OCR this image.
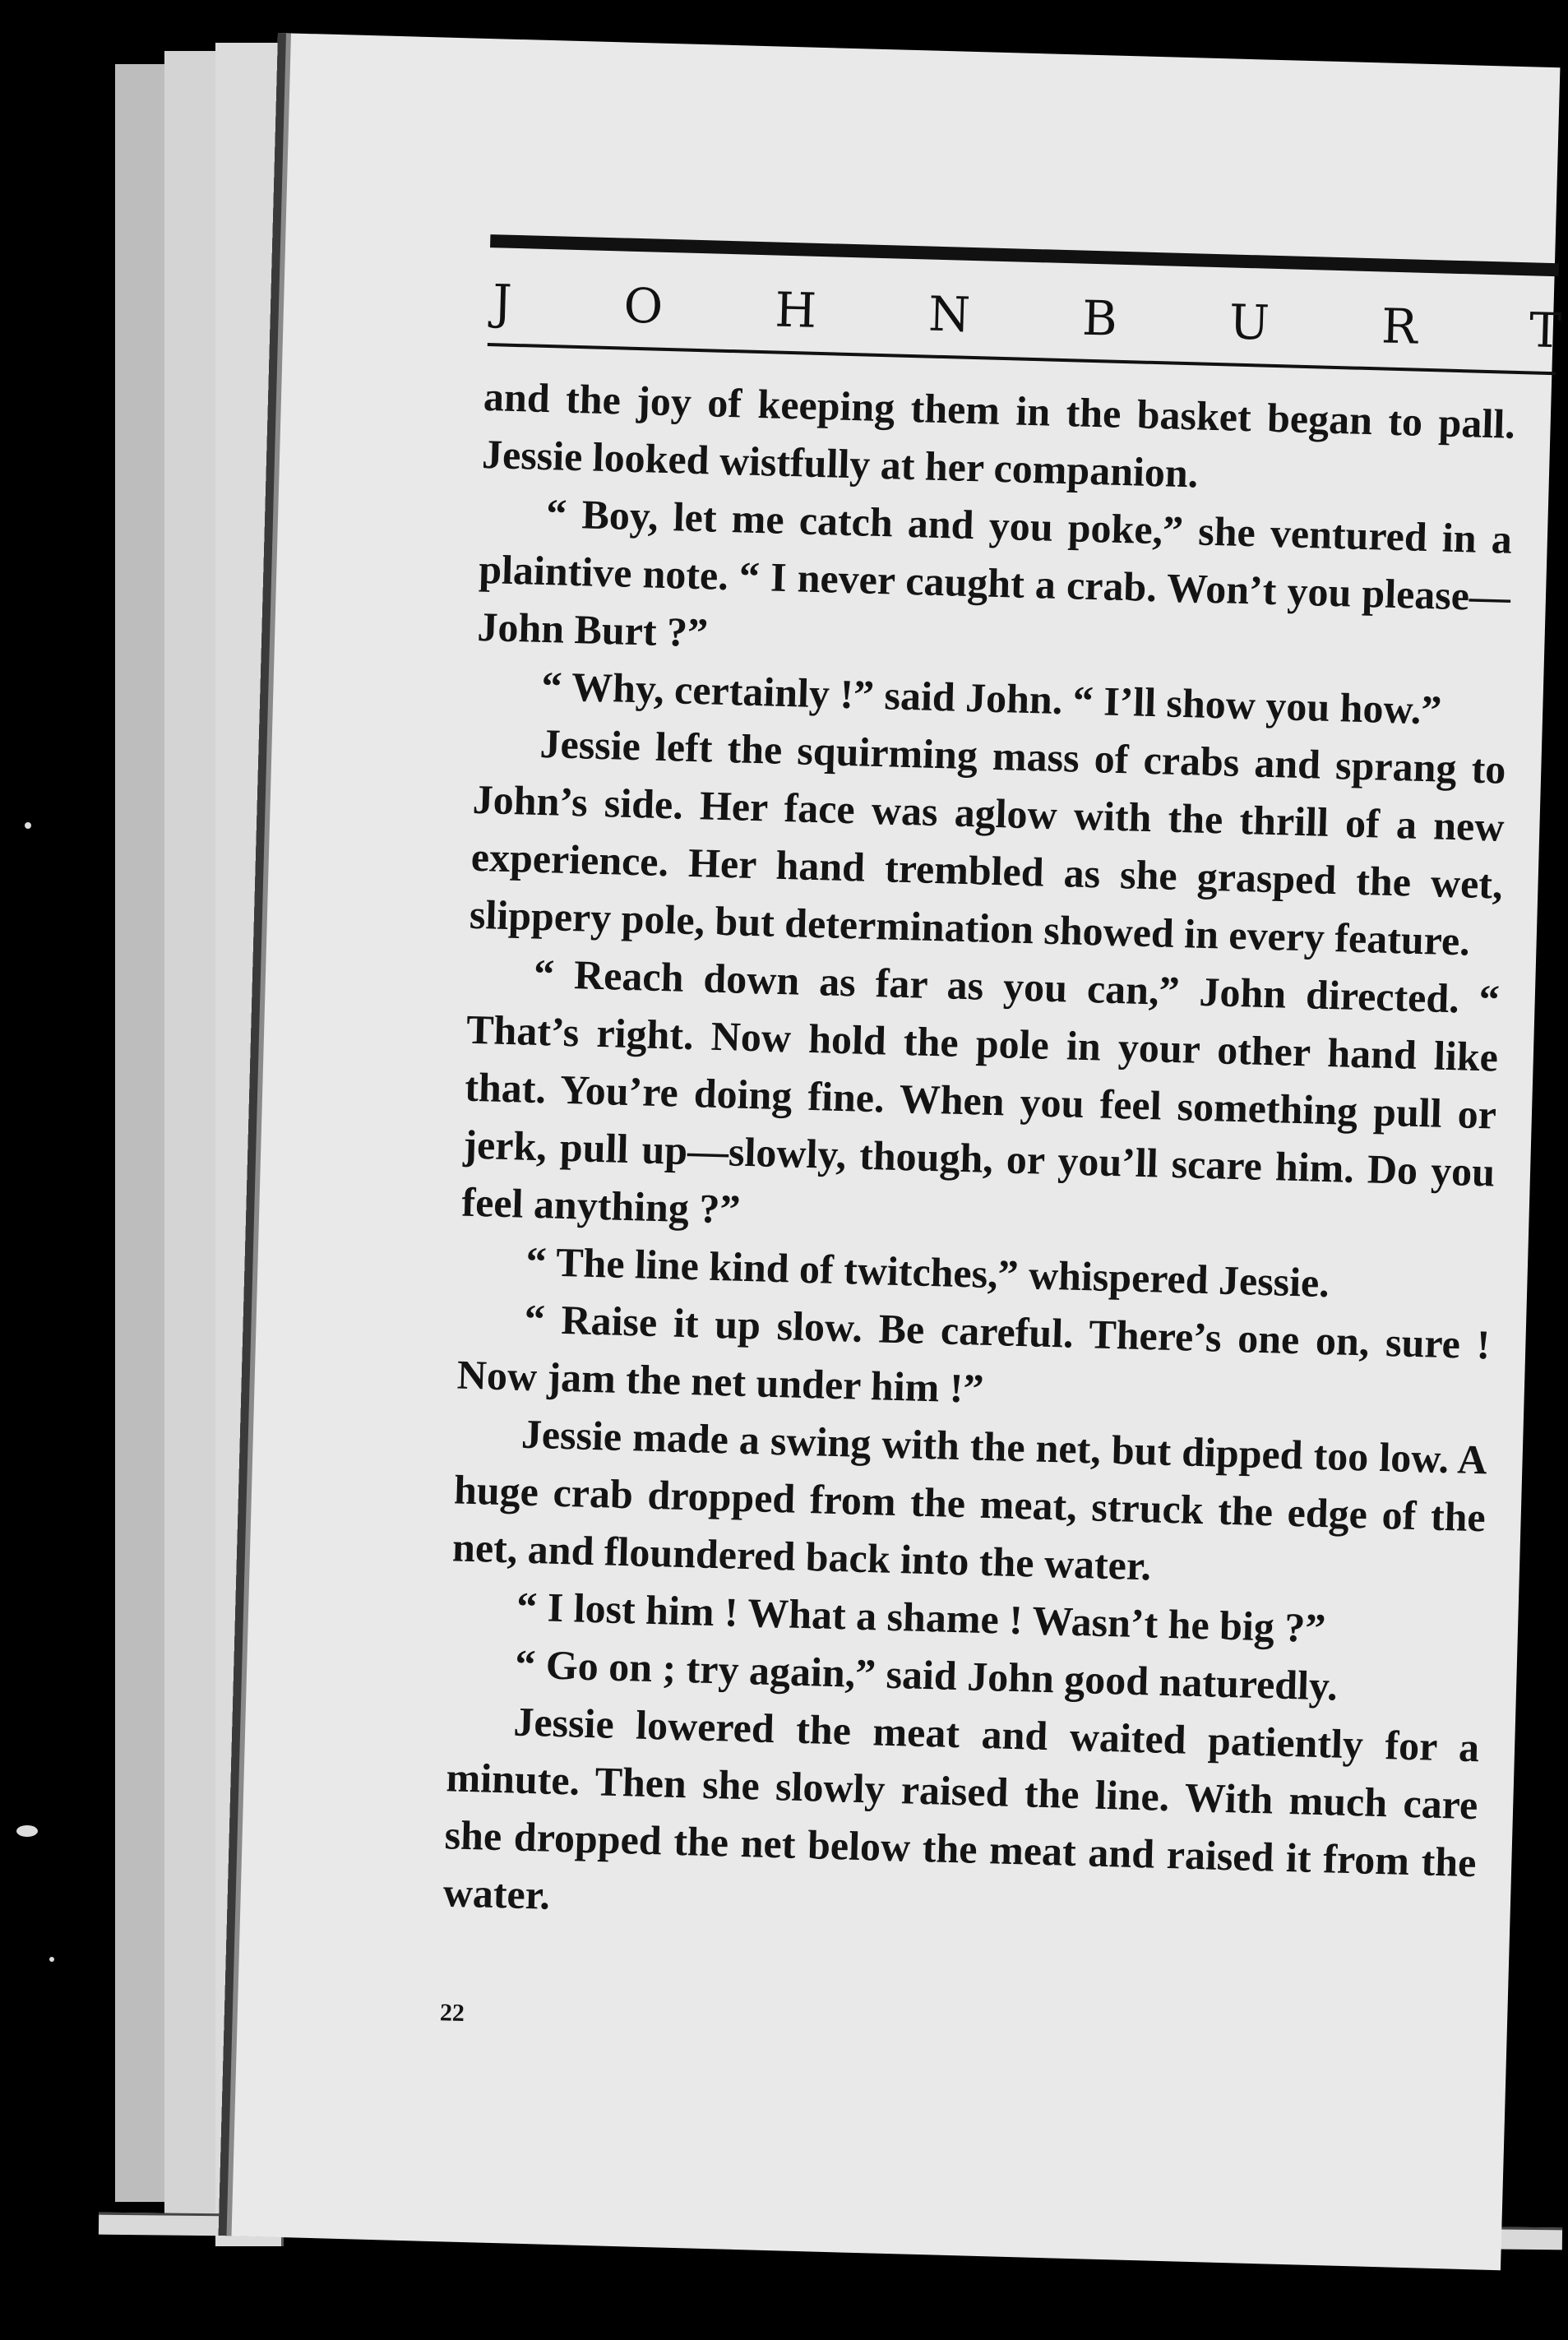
J O H N B U R T

and the joy of keeping them in the basket began to pall. Jessie looked wistfully at her companion.

“ Boy, let me catch and you poke,” she ventured in a plaintive note. “ I never caught a crab. Won’t you please—John Burt ?”

“ Why, certainly !” said John. “ I’ll show you how.”

Jessie left the squirming mass of crabs and sprang to John’s side. Her face was aglow with the thrill of a new experience. Her hand trembled as she grasped the wet, slippery pole, but determination showed in every feature.

“ Reach down as far as you can,” John directed. “ That’s right. Now hold the pole in your other hand like that. You’re doing fine. When you feel something pull or jerk, pull up—slowly, though, or you’ll scare him. Do you feel anything ?”

“ The line kind of twitches,” whispered Jessie.

“ Raise it up slow. Be careful. There’s one on, sure ! Now jam the net under him !”

Jessie made a swing with the net, but dipped too low. A huge crab dropped from the meat, struck the edge of the net, and floundered back into the water.

“ I lost him ! What a shame ! Wasn’t he big ?”

“ Go on ; try again,” said John good naturedly.

Jessie lowered the meat and waited patiently for a minute. Then she slowly raised the line. With much care she dropped the net below the meat and raised it from the water.

22
